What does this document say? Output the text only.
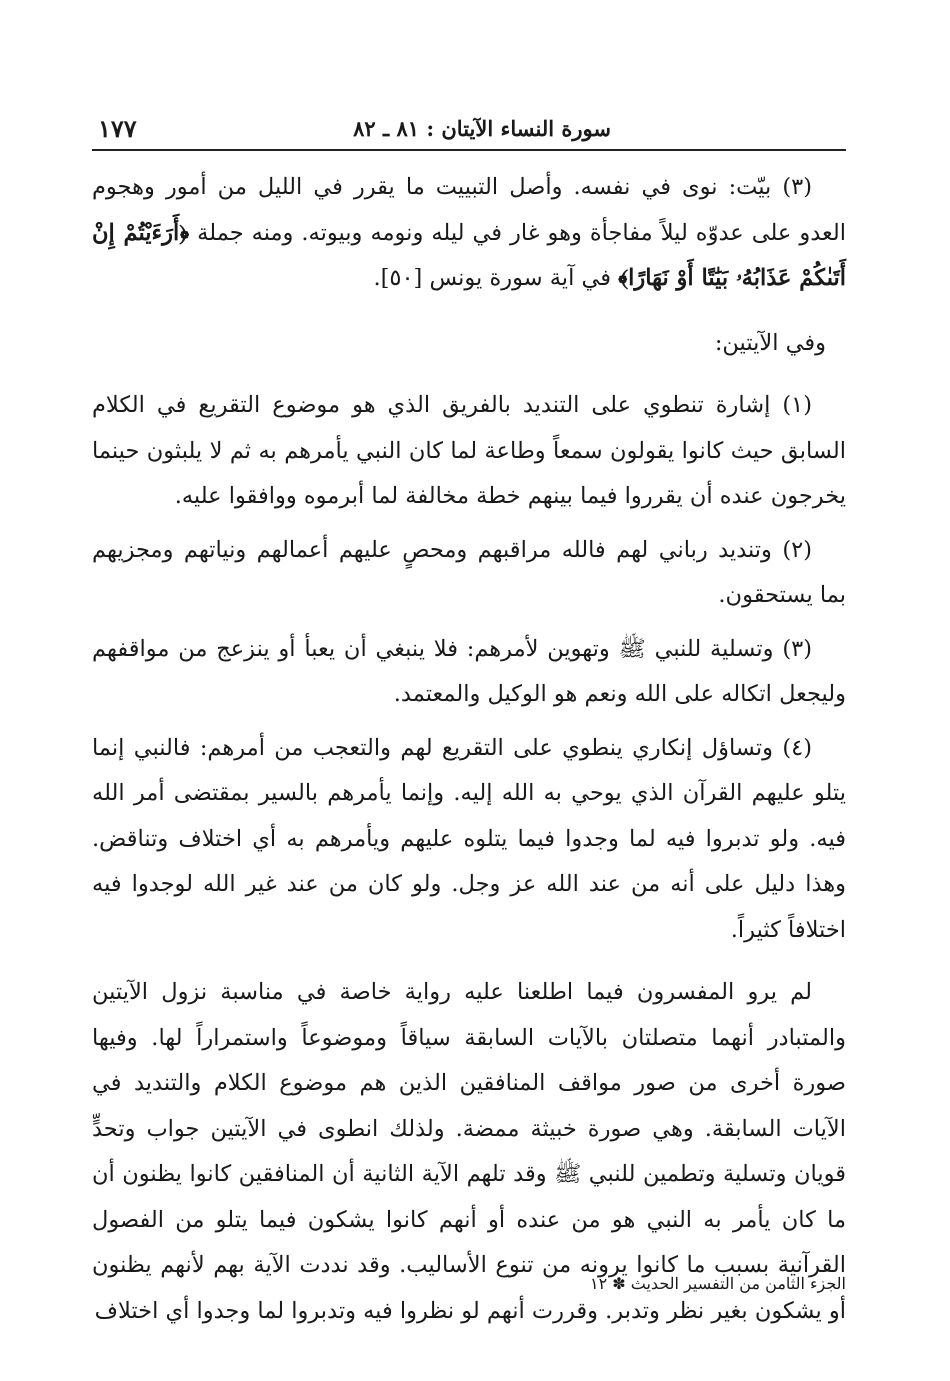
سورة النساء الآيتان : ٨١ ـ ٨٢
١٧٧

(٣) بيّت: نوى في نفسه. وأصل التبييت ما يقرر في الليل من أمور وهجوم العدو على عدوّه ليلاً مفاجأة وهو غار في ليله ونومه وبيوته. ومنه جملة ﴿أَرَءَيْتُمْ إِنْ أَتَىٰكُمْ عَذَابُهُۥ بَيَٰتًا أَوْ نَهَارًا﴾ في آية سورة يونس [٥٠].

وفي الآيتين:

(١) إشارة تنطوي على التنديد بالفريق الذي هو موضوع التقريع في الكلام السابق حيث كانوا يقولون سمعاً وطاعة لما كان النبي يأمرهم به ثم لا يلبثون حينما يخرجون عنده أن يقرروا فيما بينهم خطة مخالفة لما أبرموه ووافقوا عليه.

(٢) وتنديد رباني لهم فالله مراقبهم ومحصٍ عليهم أعمالهم ونياتهم ومجزيهم بما يستحقون.

(٣) وتسلية للنبي ﷺ وتهوين لأمرهم: فلا ينبغي أن يعبأ أو ينزعج من مواقفهم وليجعل اتكاله على الله ونعم هو الوكيل والمعتمد.

(٤) وتساؤل إنكاري ينطوي على التقريع لهم والتعجب من أمرهم: فالنبي إنما يتلو عليهم القرآن الذي يوحي به الله إليه. وإنما يأمرهم بالسير بمقتضى أمر الله فيه. ولو تدبروا فيه لما وجدوا فيما يتلوه عليهم ويأمرهم به أي اختلاف وتناقض. وهذا دليل على أنه من عند الله عز وجل. ولو كان من عند غير الله لوجدوا فيه اختلافاً كثيراً.

لم يرو المفسرون فيما اطلعنا عليه رواية خاصة في مناسبة نزول الآيتين والمتبادر أنهما متصلتان بالآيات السابقة سياقاً وموضوعاً واستمراراً لها. وفيها صورة أخرى من صور مواقف المنافقين الذين هم موضوع الكلام والتنديد في الآيات السابقة. وهي صورة خبيثة ممضة. ولذلك انطوى في الآيتين جواب وتحدٍّ قويان وتسلية وتطمين للنبي ﷺ وقد تلهم الآية الثانية أن المنافقين كانوا يظنون أن ما كان يأمر به النبي هو من عنده أو أنهم كانوا يشكون فيما يتلو من الفصول القرآنية بسبب ما كانوا يرونه من تنوع الأساليب. وقد نددت الآية بهم لأنهم يظنون أو يشكون بغير نظر وتدبر. وقررت أنهم لو نظروا فيه وتدبروا لما وجدوا أي اختلاف

الجزء الثامن من التفسير الحديث ✽ ١٢
